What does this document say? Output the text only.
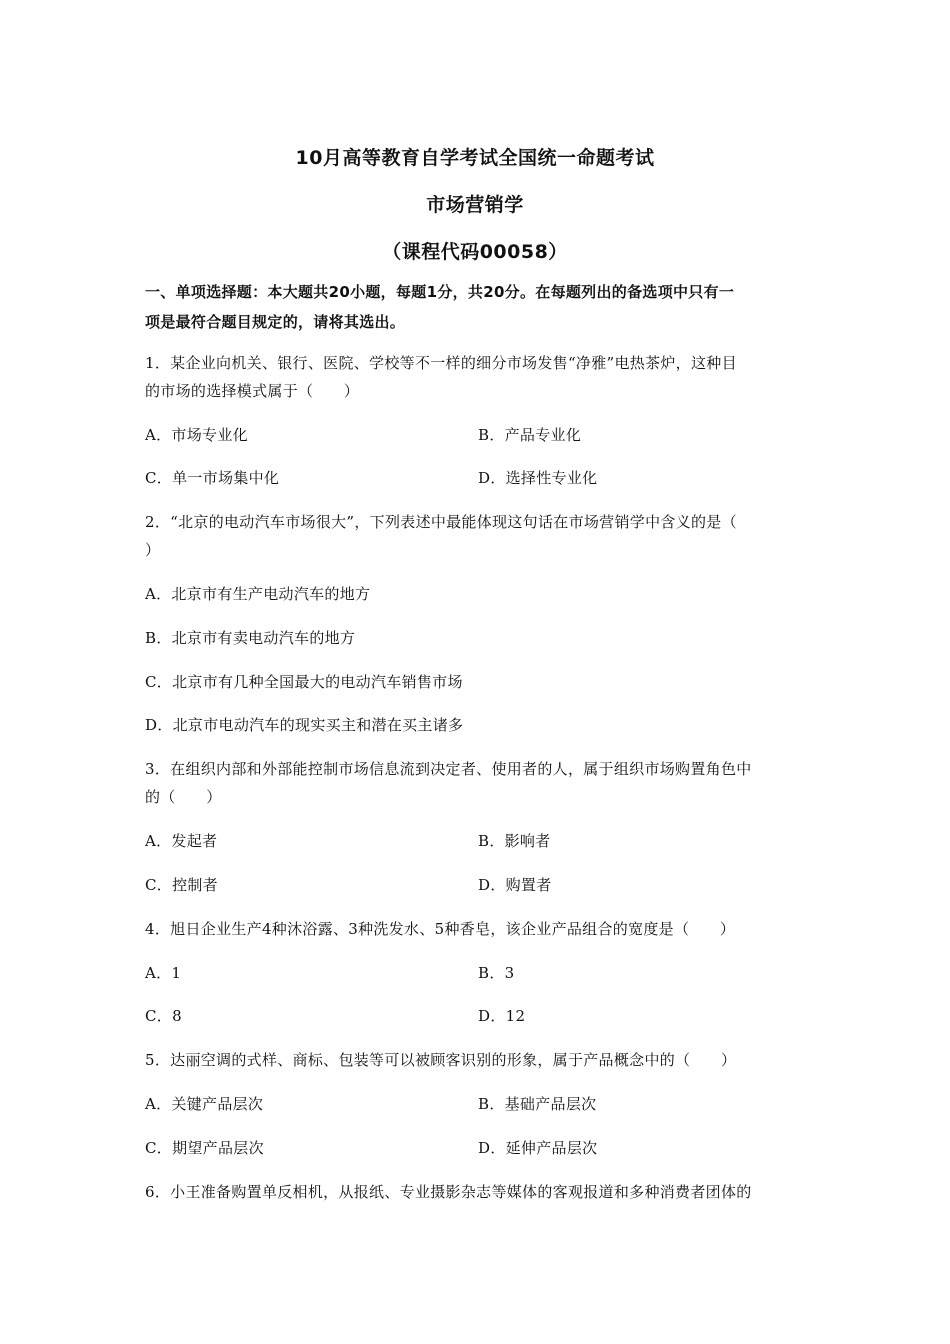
10月高等教育自学考试全国统一命题考试
市场营销学
（课程代码00058）
一、单项选择题：本大题共20小题，每题1分，共20分。在每题列出的备选项中只有一
项是最符合题目规定的，请将其选出。
1．某企业向机关、银行、医院、学校等不一样的细分市场发售“净雅”电热茶炉，这种目
的市场的选择模式属于（　　）
A．市场专业化	B．产品专业化
C．单一市场集中化	D．选择性专业化
2．“北京的电动汽车市场很大”，下列表述中最能体现这句话在市场营销学中含义的是（
）
A．北京市有生产电动汽车的地方
B．北京市有卖电动汽车的地方
C．北京市有几种全国最大的电动汽车销售市场
D．北京市电动汽车的现实买主和潜在买主诸多
3．在组织内部和外部能控制市场信息流到决定者、使用者的人，属于组织市场购置角色中
的（　　）
A．发起者	B．影响者
C．控制者	D．购置者
4．旭日企业生产4种沐浴露、3种洗发水、5种香皂，该企业产品组合的宽度是（　　）
A．1	B．3
C．8	D．12
5．达丽空调的式样、商标、包装等可以被顾客识别的形象，属于产品概念中的（　　）
A．关键产品层次	B．基础产品层次
C．期望产品层次	D．延伸产品层次
6．小王准备购置单反相机，从报纸、专业摄影杂志等媒体的客观报道和多种消费者团体的
